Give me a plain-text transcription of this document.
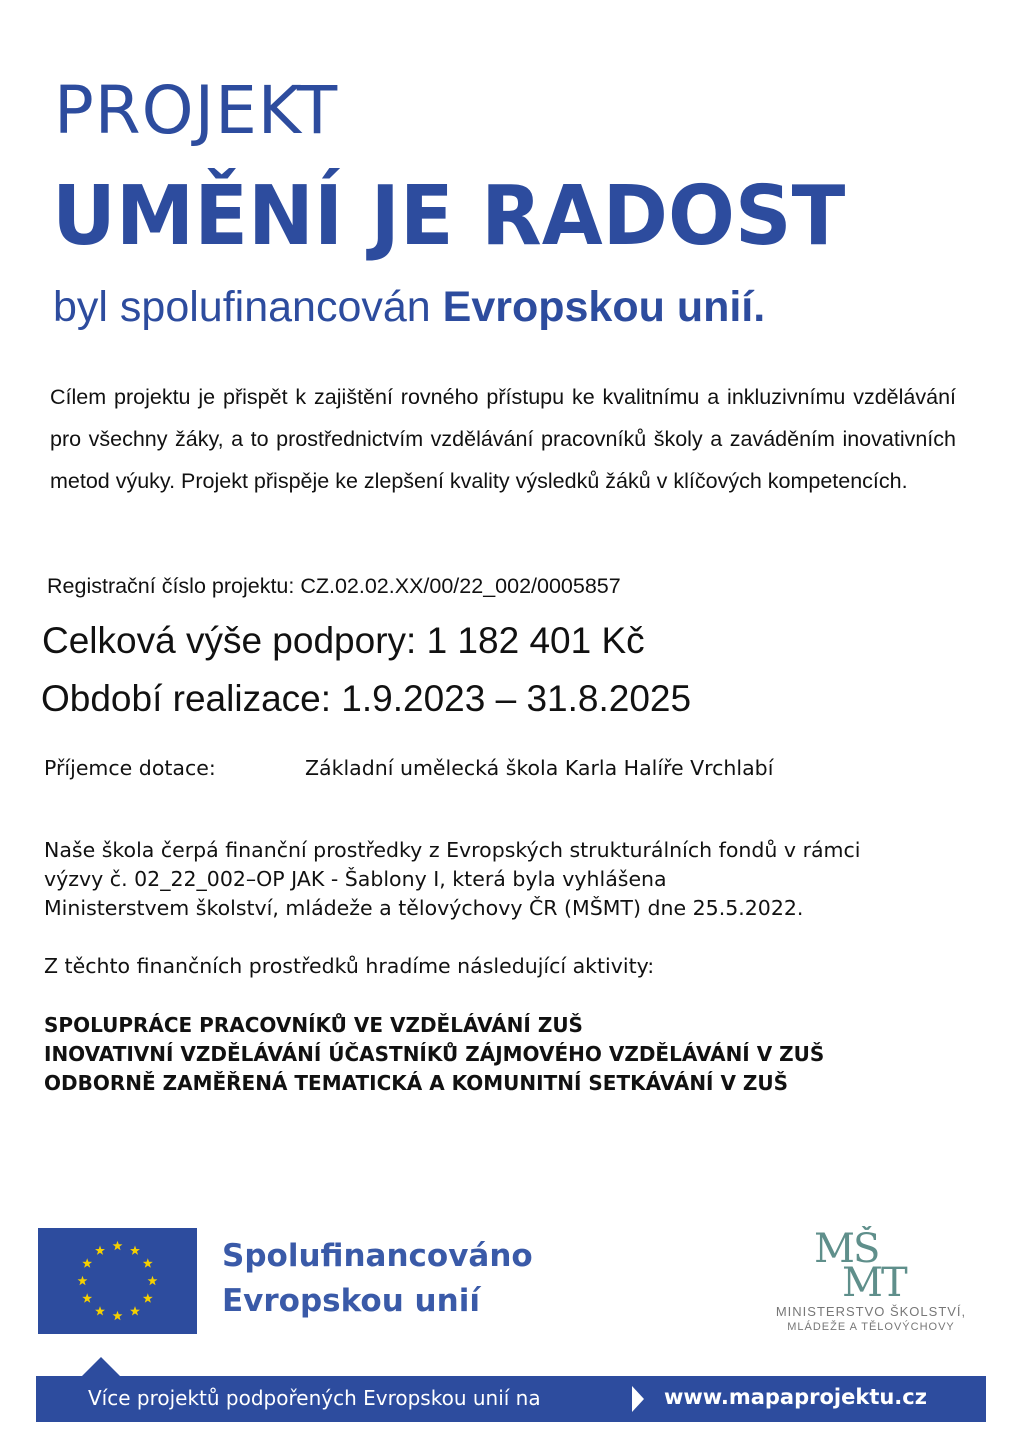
PROJEKT
UMĚNÍ JE RADOST
byl spolufinancován Evropskou unií.

Cílem projektu je přispět k zajištění rovného přístupu ke kvalitnímu a inkluzivnímu vzdělávání pro všechny žáky, a to prostřednictvím vzdělávání pracovníků školy a zaváděním inovativních metod výuky. Projekt přispěje ke zlepšení kvality výsledků žáků v klíčových kompetencích.

Registrační číslo projektu: CZ.02.02.XX/00/22_002/0005857
Celková výše podpory: 1 182 401 Kč
Období realizace: 1.9.2023 – 31.8.2025
Příjemce dotace:	Základní umělecká škola Karla Halíře Vrchlabí

Naše škola čerpá finanční prostředky z Evropských strukturálních fondů v rámci
výzvy č. 02_22_002–OP JAK - Šablony I, která byla vyhlášena
Ministerstvem školství, mládeže a tělovýchovy ČR (MŠMT) dne 25.5.2022.

Z těchto finančních prostředků hradíme následující aktivity:
SPOLUPRÁCE PRACOVNÍKŮ VE VZDĚLÁVÁNÍ ZUŠ
INOVATIVNÍ VZDĚLÁVÁNÍ ÚČASTNÍKŮ ZÁJMOVÉHO VZDĚLÁVÁNÍ V ZUŠ
ODBORNĚ ZAMĚŘENÁ TEMATICKÁ A KOMUNITNÍ SETKÁVÁNÍ V ZUŠ
Spolufinancováno
Evropskou unií
MŠ
MT
MINISTERSTVO ŠKOLSTVÍ,
MLÁDEŽE A TĚLOVÝCHOVY
Více projektů podpořených Evropskou unií na	www.mapaprojektu.cz
